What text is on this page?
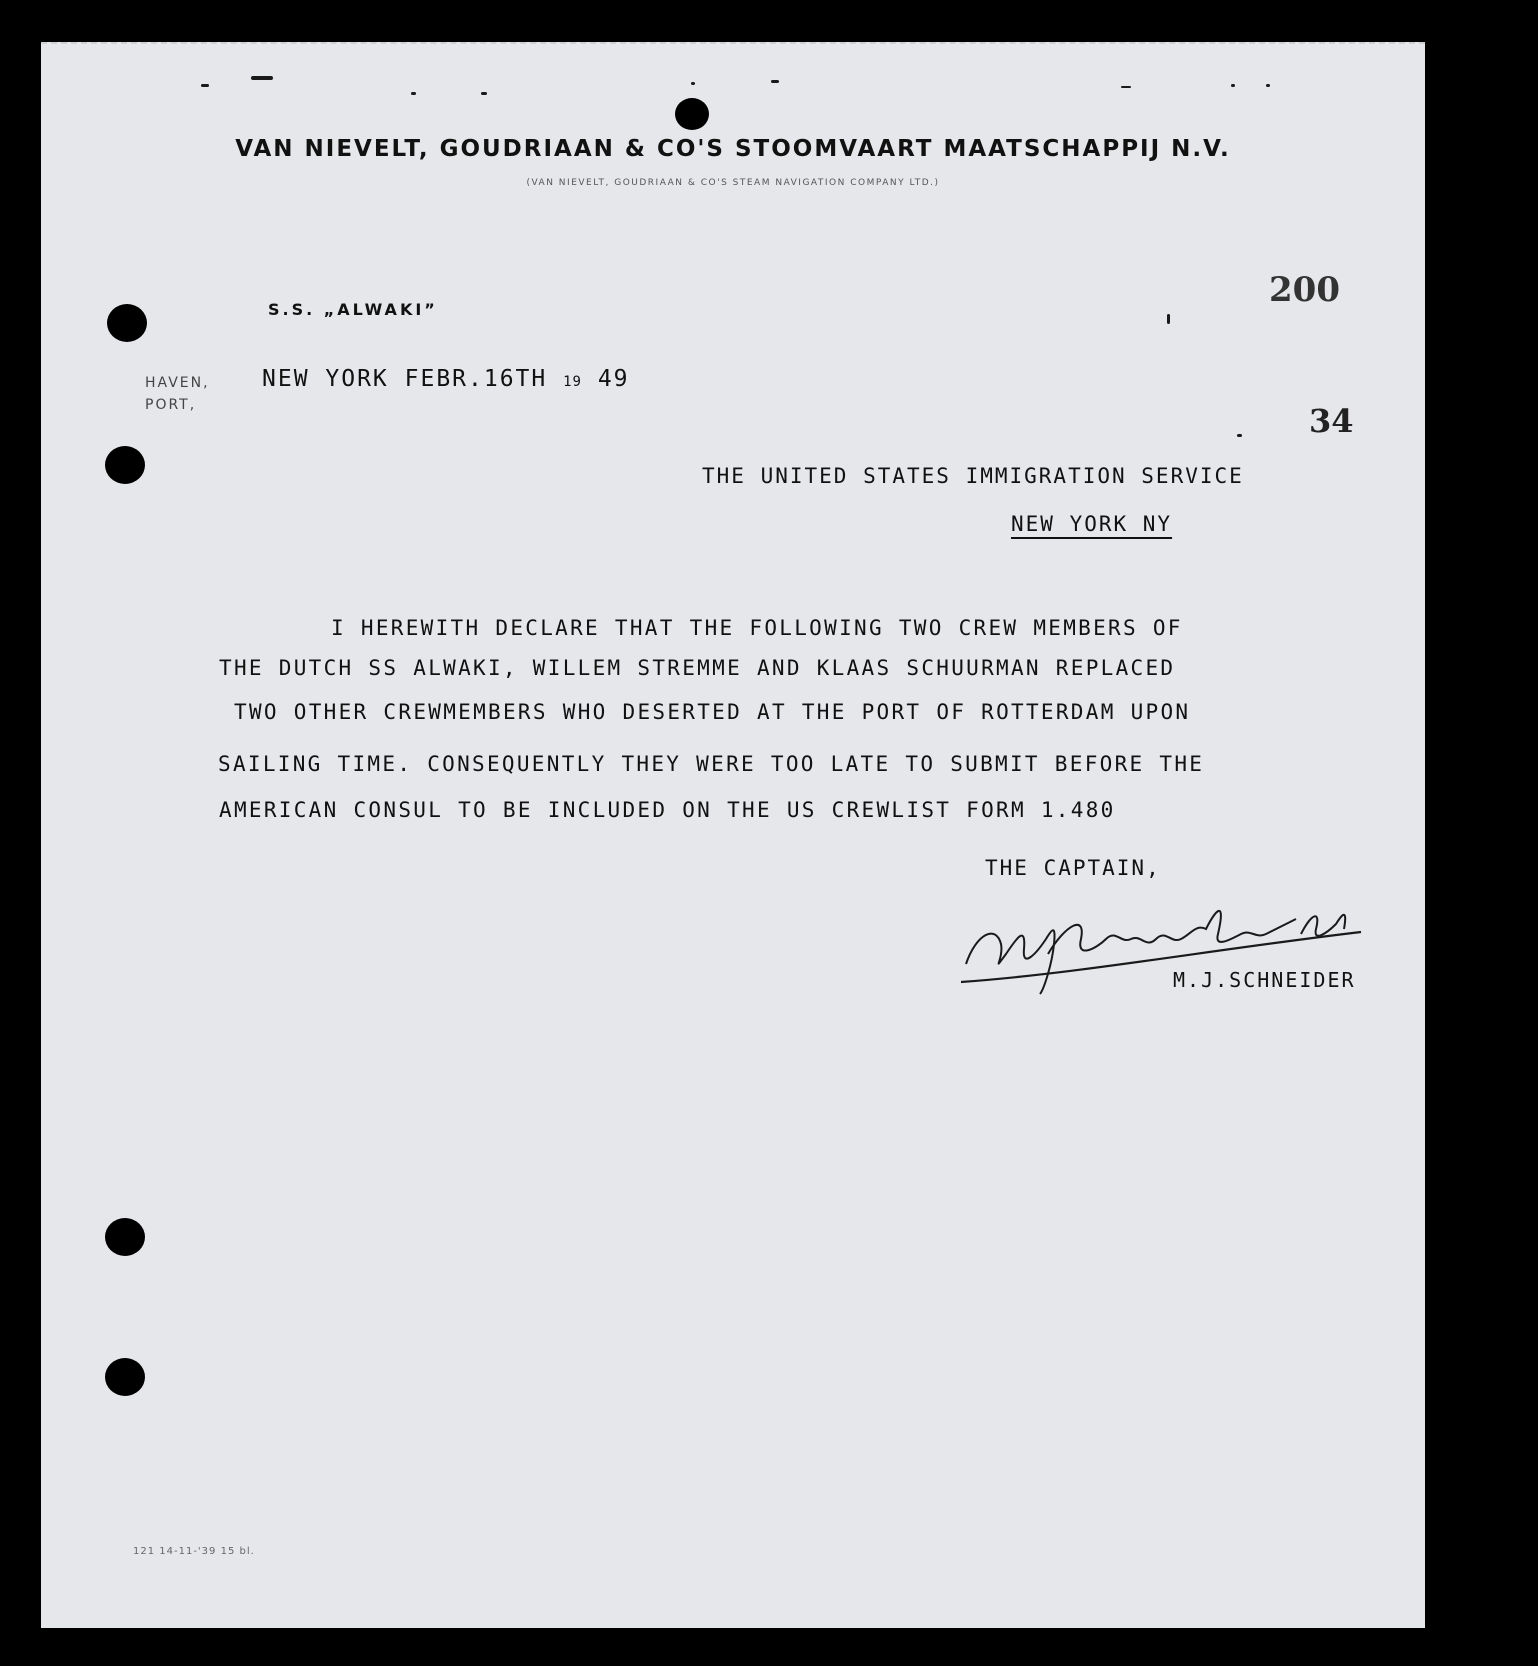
VAN NIEVELT, GOUDRIAAN & CO'S STOOMVAART MAATSCHAPPIJ N.V.
(VAN NIEVELT, GOUDRIAAN & CO'S STEAM NAVIGATION COMPANY LTD.)
S.S. „ALWAKI”	200
34
HAVEN,
PORT,
NEW YORK FEBR.16TH 19 49
THE UNITED STATES IMMIGRATION SERVICE
NEW YORK NY
I HEREWITH DECLARE THAT THE FOLLOWING TWO CREW MEMBERS OF
THE DUTCH SS ALWAKI, WILLEM STREMME AND KLAAS SCHUURMAN REPLACED
TWO OTHER CREWMEMBERS WHO DESERTED AT THE PORT OF ROTTERDAM UPON
SAILING TIME. CONSEQUENTLY THEY WERE TOO LATE TO SUBMIT BEFORE THE
AMERICAN CONSUL TO BE INCLUDED ON THE US CREWLIST FORM 1.480
THE CAPTAIN,
M.J.SCHNEIDER
121 14-11-'39 15 bl.
